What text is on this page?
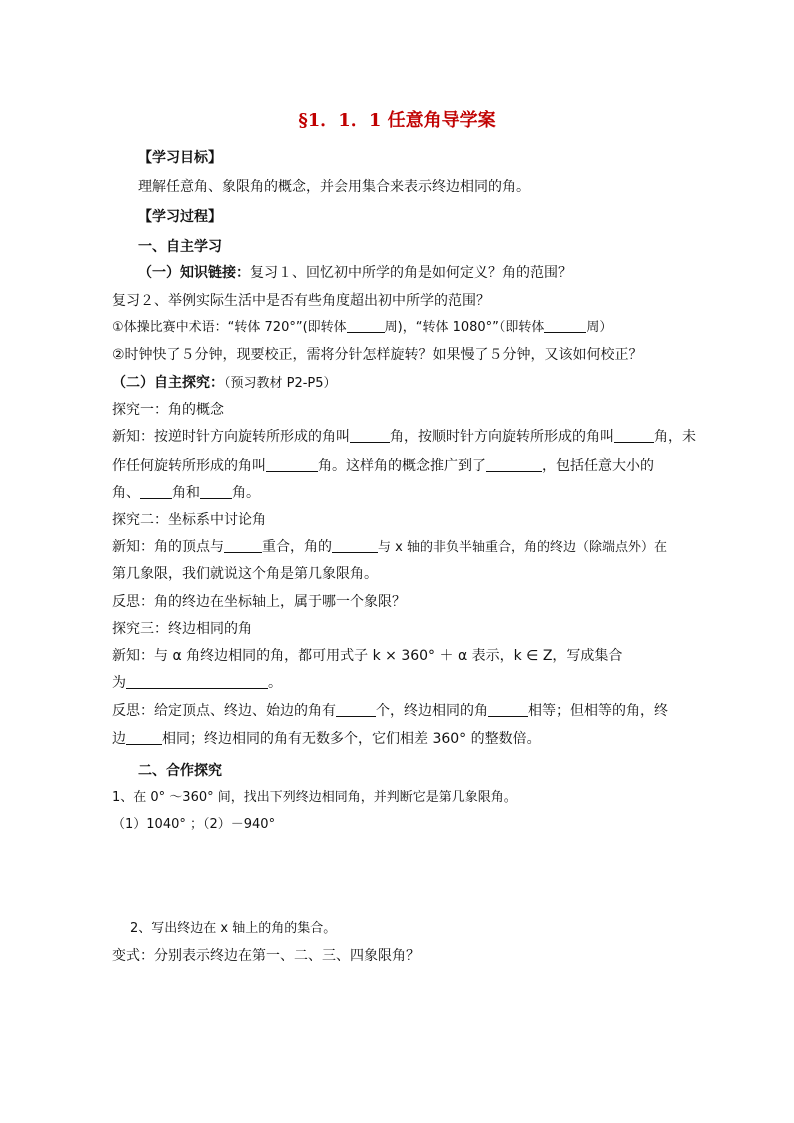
§1．1．1 任意角导学案
【学习目标】
理解任意角、象限角的概念，并会用集合来表示终边相同的角。
【学习过程】
一、自主学习
（一）知识链接：复习１、回忆初中所学的角是如何定义？角的范围？
复习２、举例实际生活中是否有些角度超出初中所学的范围？
①体操比赛中术语：“转体 720°”(即转体	周)，“转体 1080°”（即转体	周）
②时钟快了５分钟，现要校正，需将分针怎样旋转？如果慢了５分钟，又该如何校正？
（二）自主探究：（预习教材 P2-P5）
探究一：角的概念
新知：按逆时针方向旋转所形成的角叫	角，按顺时针方向旋转所形成的角叫	角，未
作任何旋转所形成的角叫	角。这样角的概念推广到了	，包括任意大小的
角、 角和 角。
探究二：坐标系中讨论角
新知：角的顶点与	重合，角的	与 x 轴的非负半轴重合，角的终边（除端点外）在
第几象限，我们就说这个角是第几象限角。
反思：角的终边在坐标轴上，属于哪一个象限？
探究三：终边相同的角
新知：与 α 角终边相同的角，都可用式子 k × 360° ＋ α 表示，k ∈ Z，写成集合
为	。
反思：给定顶点、终边、始边的角有	个，终边相同的角	相等；但相等的角，终
边	相同；终边相同的角有无数多个，它们相差 360° 的整数倍。
二、合作探究
1、在 0° ～360° 间，找出下列终边相同角，并判断它是第几象限角。
（1）1040° ；（2）－940°
2、写出终边在 x 轴上的角的集合。
变式：分别表示终边在第一、二、三、四象限角？
